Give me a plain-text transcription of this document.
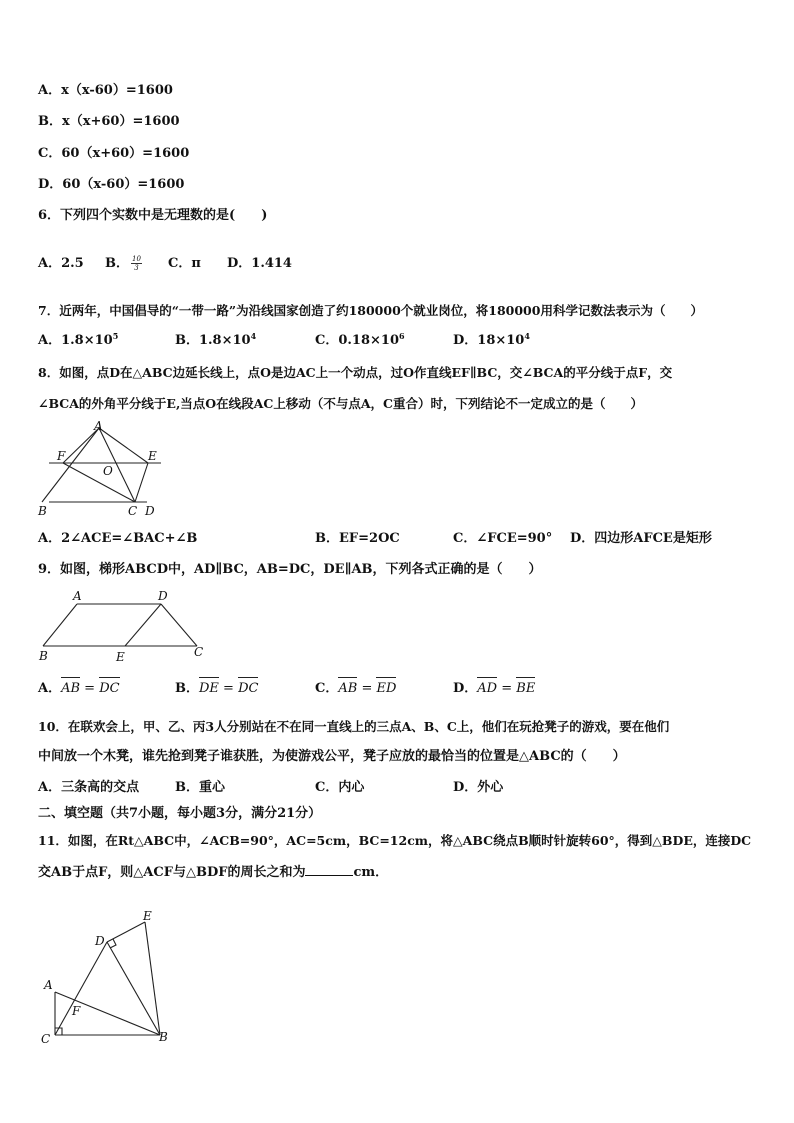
A．x（x-60）=1600
B．x（x+60）=1600
C．60（x+60）=1600
D．60（x-60）=1600
6．下列四个实数中是无理数的是(　　)
A．2.5 B． $\frac{10}{3}$ C．π D．1.414
7．近两年，中国倡导的“一带一路”为沿线国家创造了约180000个就业岗位，将180000用科学记数法表示为（　　）
A．$1.8\times 10^5$	B．$1.8\times 10^4$	C．$0.18\times 10^6$	D．$18\times 10^4$
8．如图，点D在△ABC边延长线上，点O是边AC上一个动点，过O作直线EF∥BC，交∠BCA的平分线于点F，交
∠BCA的外角平分线于E,当点O在线段AC上移动（不与点A，C重合）时，下列结论不一定成立的是（　　）
A
F	E
O
B	C D
A．2∠ACE=∠BAC+∠B	B．EF=2OC	C．∠FCE=90° D．四边形AFCE是矩形
9．如图，梯形ABCD中，AD∥BC，AB=DC，DE∥AB，下列各式正确的是（　　）
A	D
B	E	C
A．
AB =
DC	B．
DE =
DC	C．
AB =
ED	D．
AD =
BE
10．在联欢会上，甲、乙、丙3人分别站在不在同一直线上的三点A、B、C上，他们在玩抢凳子的游戏，要在他们
中间放一个木凳，谁先抢到凳子谁获胜，为使游戏公平，凳子应放的最恰当的位置是△ABC的（　　）
A．三条高的交点	B．重心	C．内心	D．外心
二、填空题（共7小题，每小题3分，满分21分）
11．如图，在Rt△ABC中，∠ACB=90°，AC=5cm，BC=12cm，将△ABC绕点B顺时针旋转60°，得到△BDE，连接DC
交AB于点F，则△ACF与△BDF的周长之和为	cm．
E
D
A
F
C	B
